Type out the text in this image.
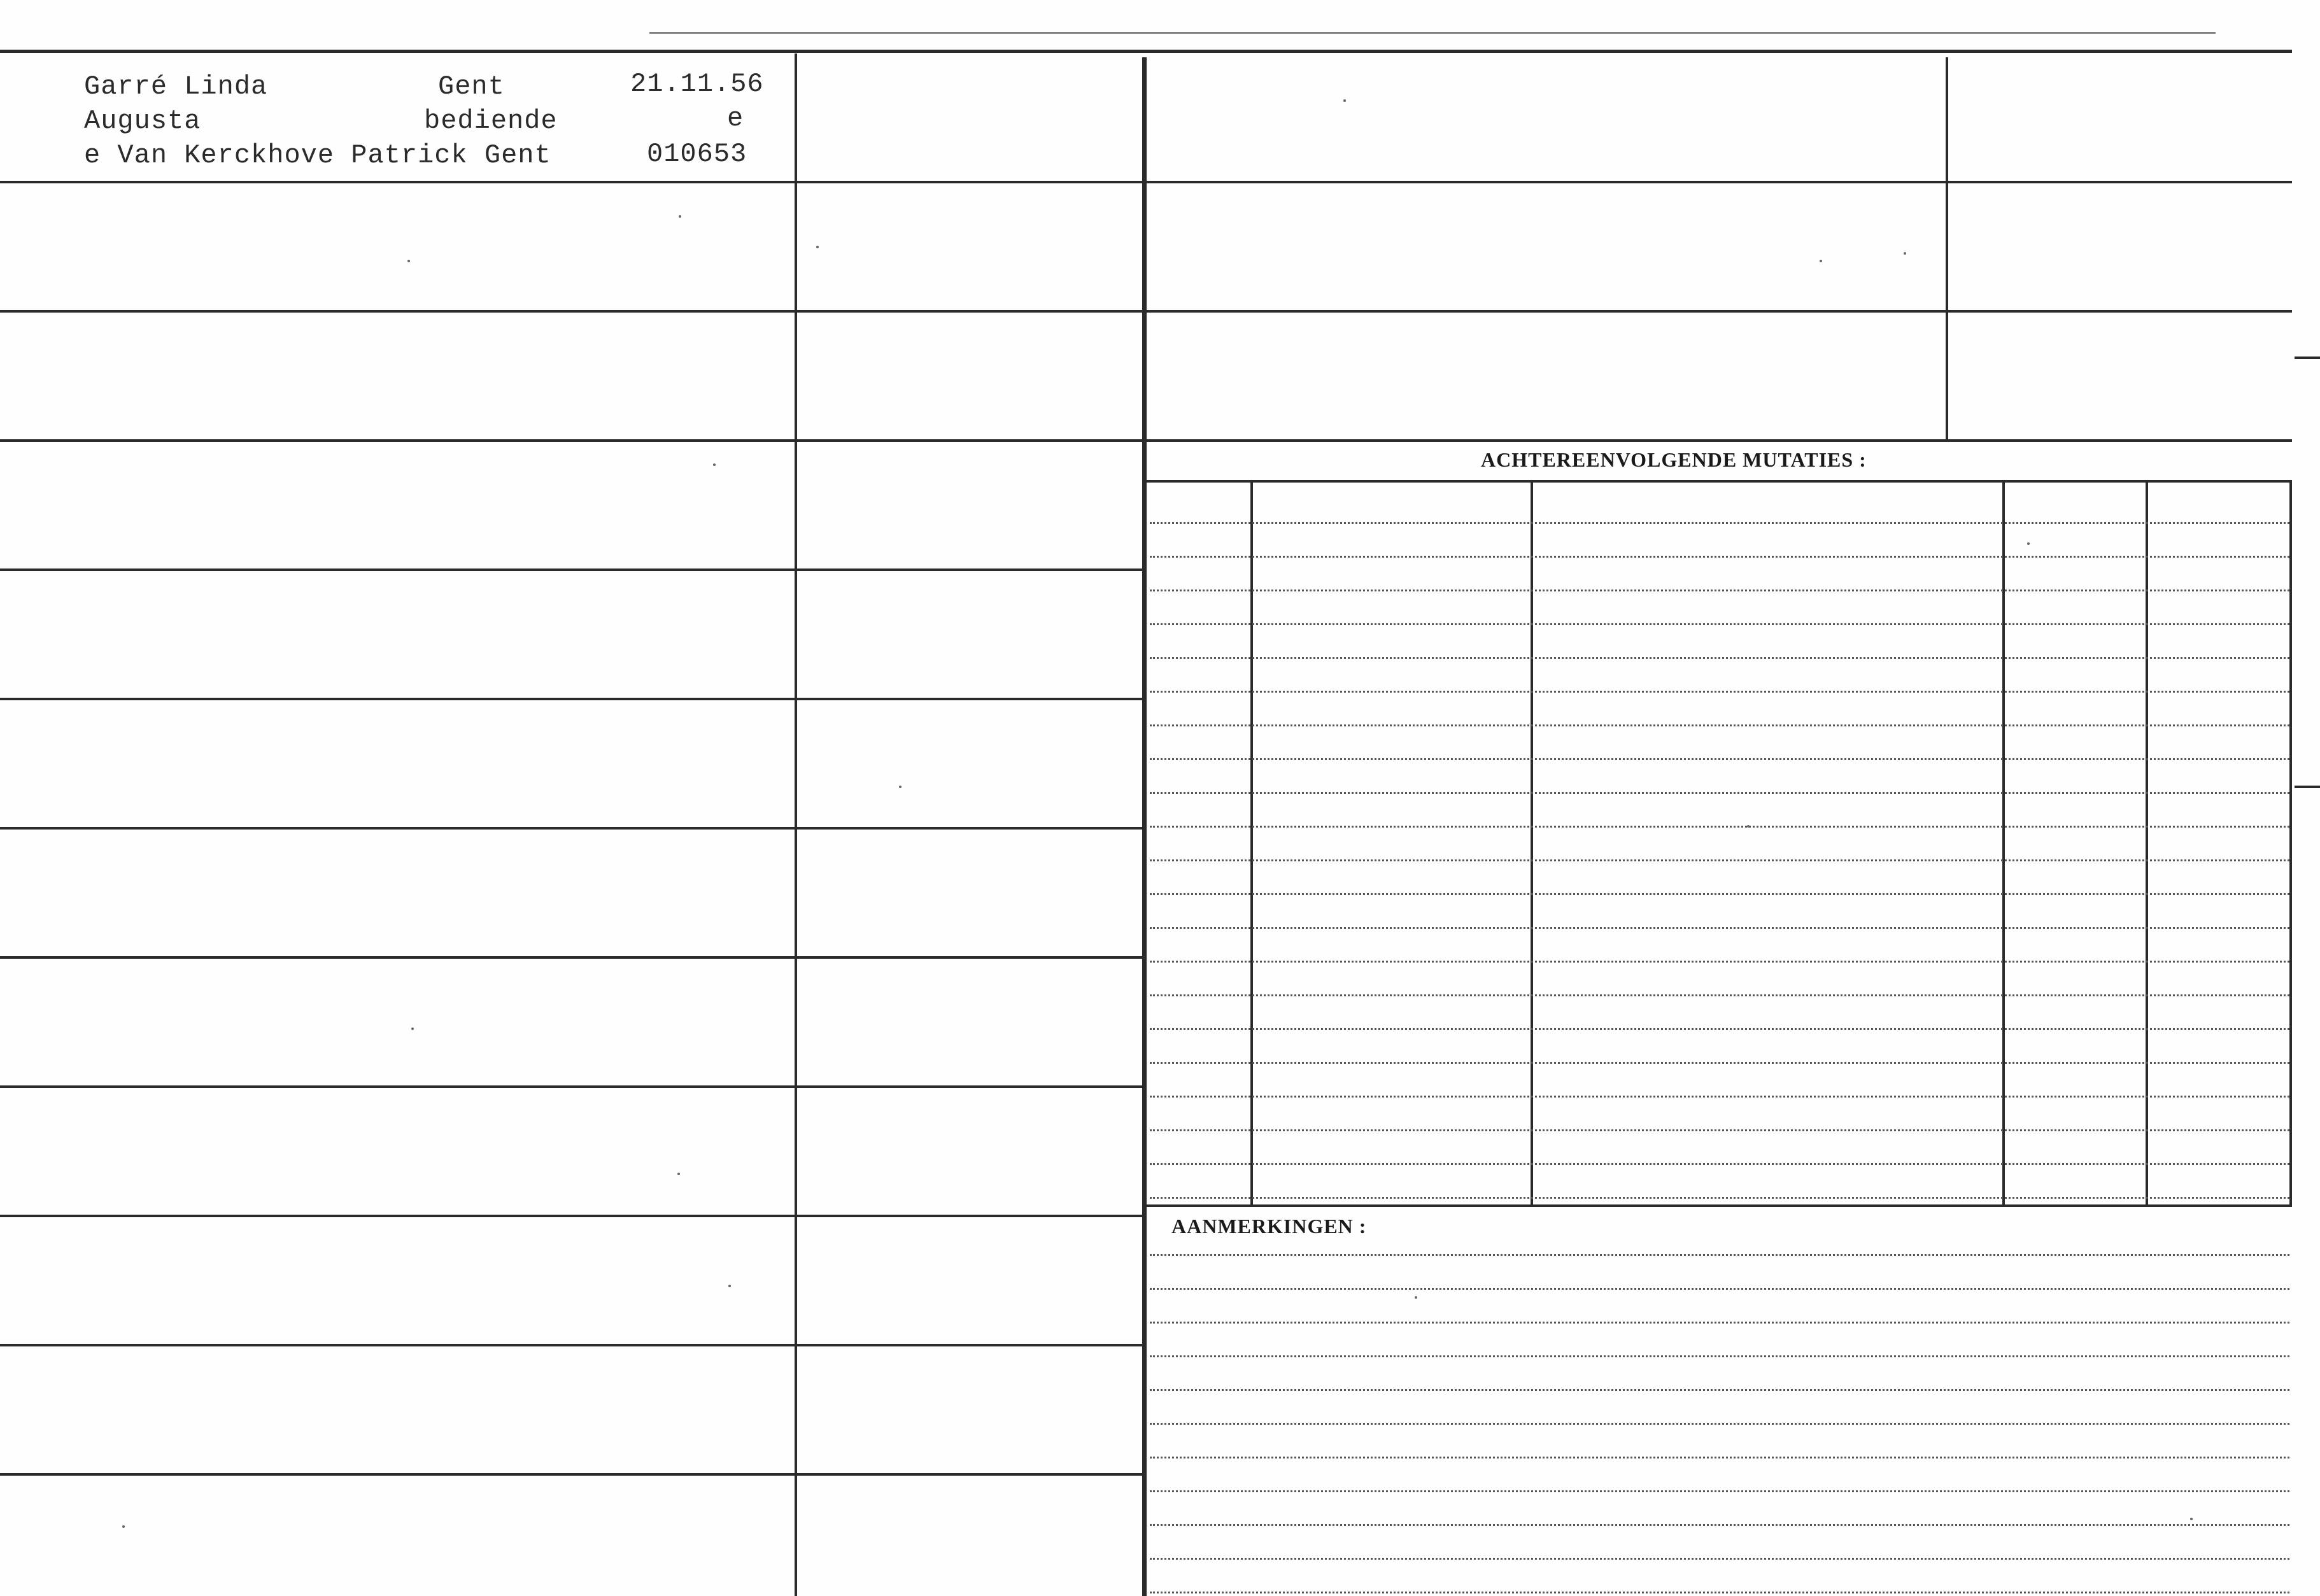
Garré Linda
Augusta
e Van Kerckhove Patrick Gent
Gent
bediende
21.11.56
e
010653
ACHTEREENVOLGENDE MUTATIES :
AANMERKINGEN :
